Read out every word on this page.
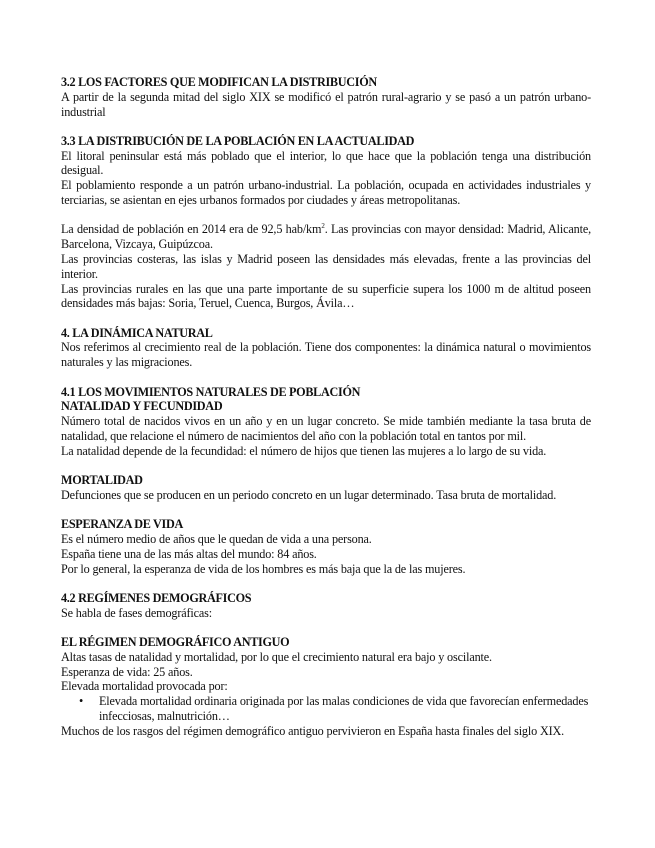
3.2 LOS FACTORES QUE MODIFICAN LA DISTRIBUCIÓN

A partir de la segunda mitad del siglo XIX se modificó el patrón rural-agrario y se pasó a un patrón urbano-industrial

3.3 LA DISTRIBUCIÓN DE LA POBLACIÓN EN LA ACTUALIDAD

El litoral peninsular está más poblado que el interior, lo que hace que la población tenga una distribución desigual.

El poblamiento responde a un patrón urbano-industrial. La población, ocupada en actividades industriales y terciarias, se asientan en ejes urbanos formados por ciudades y áreas metropolitanas.

La densidad de población en 2014 era de 92,5 hab/$km^2$. Las provincias con mayor densidad: Madrid, Alicante, Barcelona, Vizcaya, Guipúzcoa.

Las provincias costeras, las islas y Madrid poseen las densidades más elevadas, frente a las provincias del interior.

Las provincias rurales en las que una parte importante de su superficie supera los 1000 m de altitud poseen densidades más bajas: Soria, Teruel, Cuenca, Burgos, Ávila…

4. LA DINÁMICA NATURAL

Nos referimos al crecimiento real de la población. Tiene dos componentes: la dinámica natural o movimientos naturales y las migraciones.

4.1 LOS MOVIMIENTOS NATURALES DE POBLACIÓN

NATALIDAD Y FECUNDIDAD

Número total de nacidos vivos en un año y en un lugar concreto. Se mide también mediante la tasa bruta de natalidad, que relacione el número de nacimientos del año con la población total en tantos por mil.

La natalidad depende de la fecundidad: el número de hijos que tienen las mujeres a lo largo de su vida.

MORTALIDAD

Defunciones que se producen en un periodo concreto en un lugar determinado. Tasa bruta de mortalidad.

ESPERANZA DE VIDA

Es el número medio de años que le quedan de vida a una persona.

España tiene una de las más altas del mundo: 84 años.

Por lo general, la esperanza de vida de los hombres es más baja que la de las mujeres.

4.2 REGÍMENES DEMOGRÁFICOS

Se habla de fases demográficas:

EL RÉGIMEN DEMOGRÁFICO ANTIGUO

Altas tasas de natalidad y mortalidad, por lo que el crecimiento natural era bajo y oscilante.

Esperanza de vida: 25 años.

Elevada mortalidad provocada por:

• Elevada mortalidad ordinaria originada por las malas condiciones de vida que favorecían enfermedades infecciosas, malnutrición…

Muchos de los rasgos del régimen demográfico antiguo pervivieron en España hasta finales del siglo XIX.
